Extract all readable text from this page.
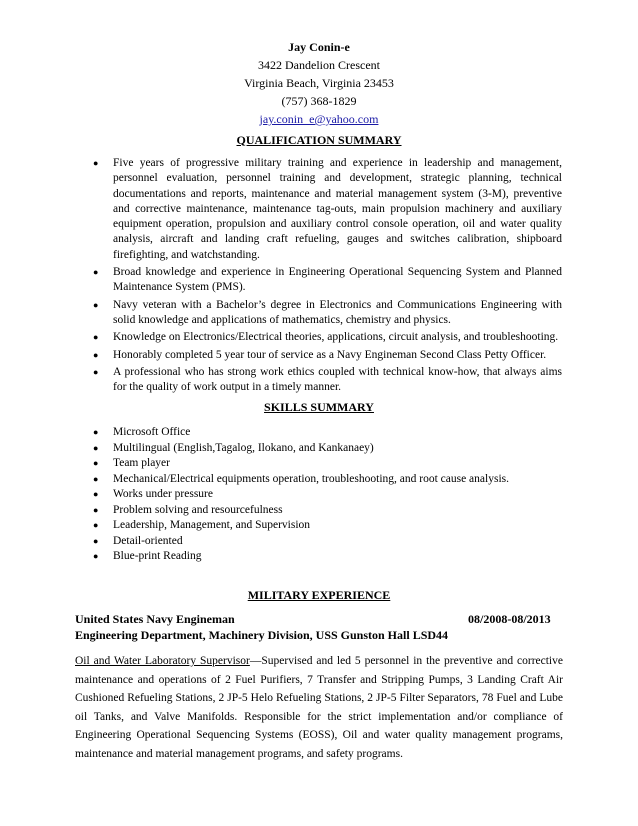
Jay Conin-e
3422 Dandelion Crescent
Virginia Beach, Virginia 23453
(757) 368-1829
jay.conin_e@yahoo.com
QUALIFICATION SUMMARY
● Five years of progressive military training and experience in leadership and management, personnel evaluation, personnel training and development, strategic planning, technical documentations and reports, maintenance and material management system (3-M), preventive and corrective maintenance, maintenance tag-outs, main propulsion machinery and auxiliary equipment operation, propulsion and auxiliary control console operation, oil and water quality analysis, aircraft and landing craft refueling, gauges and switches calibration, shipboard firefighting, and watchstanding.
● Broad knowledge and experience in Engineering Operational Sequencing System and Planned Maintenance System (PMS).
● Navy veteran with a Bachelor’s degree in Electronics and Communications Engineering with solid knowledge and applications of mathematics, chemistry and physics.
● Knowledge on Electronics/Electrical theories, applications, circuit analysis, and troubleshooting.
● Honorably completed 5 year tour of service as a Navy Engineman Second Class Petty Officer.
● A professional who has strong work ethics coupled with technical know-how, that always aims for the quality of work output in a timely manner.
SKILLS SUMMARY
● Microsoft Office
● Multilingual (English,Tagalog, Ilokano, and Kankanaey)
● Team player
● Mechanical/Electrical equipments operation, troubleshooting, and root cause analysis.
● Works under pressure
● Problem solving and resourcefulness
● Leadership, Management, and Supervision
● Detail-oriented
● Blue-print Reading
MILITARY EXPERIENCE
United States Navy Engineman	08/2008-08/2013
Engineering Department, Machinery Division, USS Gunston Hall LSD44
Oil and Water Laboratory Supervisor—Supervised and led 5 personnel in the preventive and corrective maintenance and operations of 2 Fuel Purifiers, 7 Transfer and Stripping Pumps, 3 Landing Craft Air Cushioned Refueling Stations, 2 JP-5 Helo Refueling Stations, 2 JP-5 Filter Separators, 78 Fuel and Lube oil Tanks, and Valve Manifolds. Responsible for the strict implementation and/or compliance of Engineering Operational Sequencing Systems (EOSS), Oil and water quality management programs, maintenance and material management programs, and safety programs.
